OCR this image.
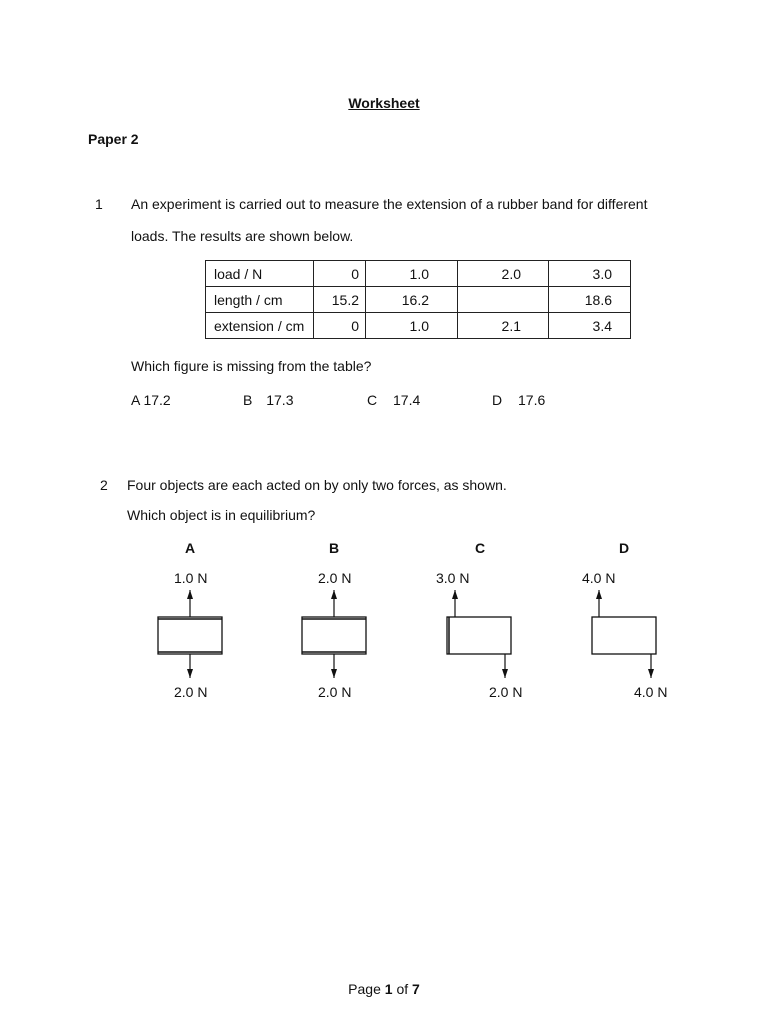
Worksheet
Paper 2
1 An experiment is carried out to measure the extension of a rubber band for different
loads. The results are shown below.
load / N	0	1.0	2.0	3.0
length / cm	15.2	16.2		18.6
extension / cm	0	1.0	2.1	3.4
Which figure is missing from the table?
A 17.2	B 17.3	C 17.4	D 17.6
2 Four objects are each acted on by only two forces, as shown.
Which object is in equilibrium?
A	B	C	D
1.0 N	2.0 N	3.0 N	4.0 N
2.0 N	2.0 N	2.0 N	4.0 N
Page 1 of 7
